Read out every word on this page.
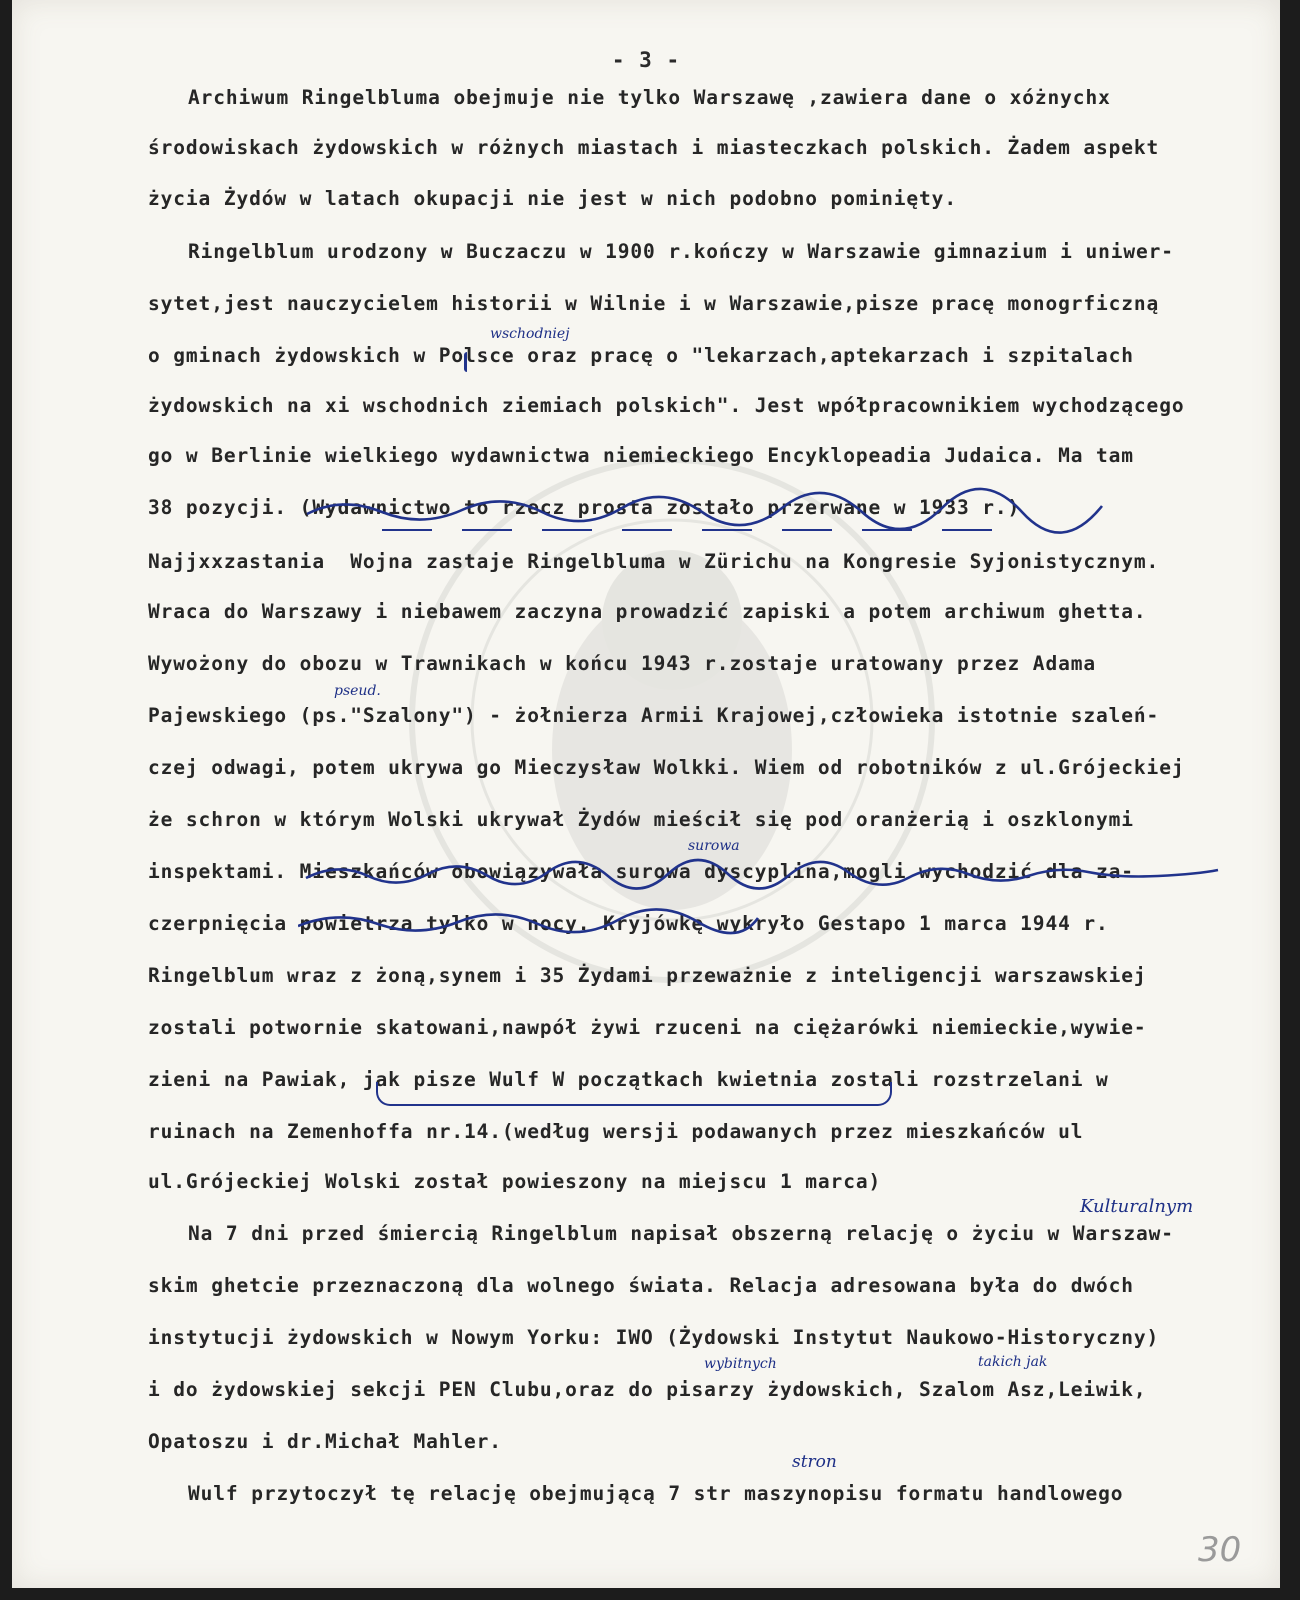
- 3 -
Archiwum Ringelbluma obejmuje nie tylko Warszawę ,zawiera dane o xóżnychx
środowiskach żydowskich w różnych miastach i miasteczkach polskich. Żadem aspekt
życia Żydów w latach okupacji nie jest w nich podobno pominięty.
Ringelblum urodzony w Buczaczu w 1900 r.kończy w Warszawie gimnazium i uniwer-
sytet,jest nauczycielem historii w Wilnie i w Warszawie,pisze pracę monogrficzną
o gminach żydowskich w Polsce oraz pracę o "lekarzach,aptekarzach i szpitalach
żydowskich na xi wschodnich ziemiach polskich". Jest wpółpracownikiem wychodzącego
go w Berlinie wielkiego wydawnictwa niemieckiego Encyklopeadia Judaica. Ma tam
38 pozycji. (Wydawnictwo to rzecz prosta zostało przerwane w 1933 r.)
Najjxxzastania  Wojna zastaje Ringelbluma w Zürichu na Kongresie Syjonistycznym.
Wraca do Warszawy i niebawem zaczyna prowadzić zapiski a potem archiwum ghetta.
Wywożony do obozu w Trawnikach w końcu 1943 r.zostaje uratowany przez Adama
Pajewskiego (ps."Szalony") - żołnierza Armii Krajowej,człowieka istotnie szaleń-
czej odwagi, potem ukrywa go Mieczysław Wolkki. Wiem od robotników z ul.Grójeckiej
że schron w którym Wolski ukrywał Żydów mieścił się pod oranżerią i oszklonymi
inspektami. Mieszkańców obowiązywała surowa dyscyplina,mogli wychodzić dla za-
czerpnięcia powietrza tylko w nocy. Kryjówkę wykryło Gestapo 1 marca 1944 r.
Ringelblum wraz z żoną,synem i 35 Żydami przeważnie z inteligencji warszawskiej
zostali potwornie skatowani,nawpół żywi rzuceni na ciężarówki niemieckie,wywie-
zieni na Pawiak, jak pisze Wulf W początkach kwietnia zostali rozstrzelani w
ruinach na Zemenhoffa nr.14.(według wersji podawanych przez mieszkańców ul
ul.Grójeckiej Wolski został powieszony na miejscu 1 marca)
Na 7 dni przed śmiercią Ringelblum napisał obszerną relację o życiu w Warszaw-
skim ghetcie przeznaczoną dla wolnego świata. Relacja adresowana była do dwóch
instytucji żydowskich w Nowym Yorku: IWO (Żydowski Instytut Naukowo-Historyczny)
i do żydowskiej sekcji PEN Clubu,oraz do pisarzy żydowskich, Szalom Asz,Leiwik,
Opatoszu i dr.Michał Mahler.
Wulf przytoczył tę relację obejmującą 7 str maszynopisu formatu handlowego
wschodniej
pseud.
surowa
Kulturalnym
wybitnych	takich jak
stron
30
